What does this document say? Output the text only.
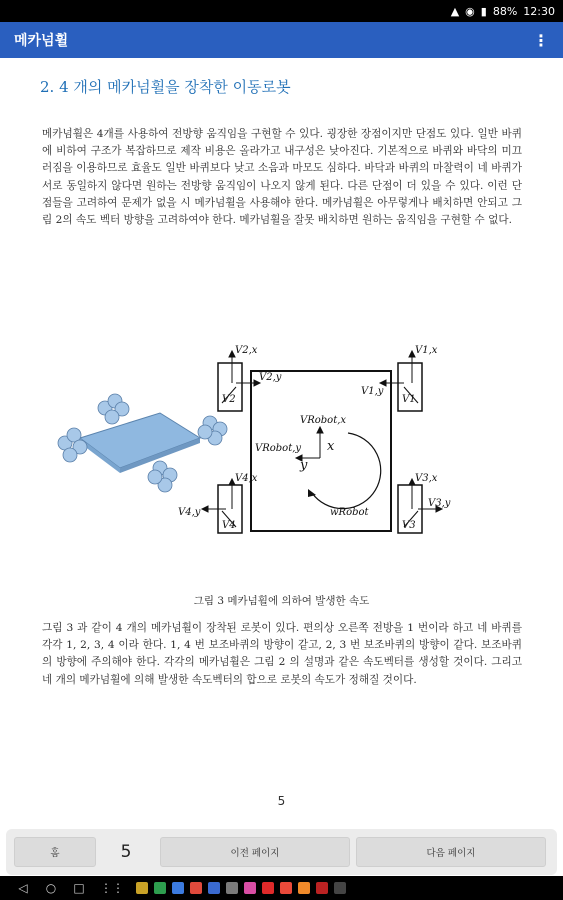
▲ ◉ ▮ 88% 12:30
메카넘휠	⋮
2. 4 개의 메카넘휠을 장착한 이동로봇
메카넘휠은 4개를 사용하여 전방향 움직임을 구현할 수 있다. 굉장한 장점이지만 단점도 있다. 일반 바퀴에 비하여 구조가 복잡하므로 제작 비용은 올라가고 내구성은 낮아진다. 기본적으로 바퀴와 바닥의 미끄러짐을 이용하므로 효율도 일반 바퀴보다 낮고 소음과 마모도 심하다. 바닥과 바퀴의 마찰력이 네 바퀴가 서로 동일하지 않다면 원하는 전방향 움직임이 나오지 않게 된다. 다른 단점이 더 있을 수 있다. 이런 단점들을 고려하여 문제가 없을 시 메카넘휠을 사용해야 한다. 메카넘휠은 아무렇게나 배치하면 안되고 그림 2의 속도 벡터 방향을 고려하여야 한다. 메카넘휠을 잘못 배치하면 원하는 움직임을 구현할 수 없다.
V2,x
V2,y
V2
V1,x
V1,y
V1
V4,x
V4,y
V4
V3,x
V3,y
V3
VRobot,x
VRobot,y x
y
wRobot
그림 3 메카넘휠에 의하여 발생한 속도
그림 3 과 같이 4 개의 메카넘휠이 장착된 로봇이 있다. 편의상 오른쪽 전방을 1 번이라 하고 네 바퀴를 각각 1, 2, 3, 4 이라 한다. 1, 4 번 보조바퀴의 방향이 같고, 2, 3 번 보조바퀴의 방향이 같다. 보조바퀴의 방향에 주의해야 한다. 각각의 메카넘휠은 그림 2 의 설명과 같은 속도벡터를 생성할 것이다. 그리고 네 개의 메카넘휠에 의해 발생한 속도벡터의 합으로 로봇의 속도가 정해질 것이다.
5
홈	5	이전 페이지	다음 페이지
◁ ○ □ ⋮⋮
